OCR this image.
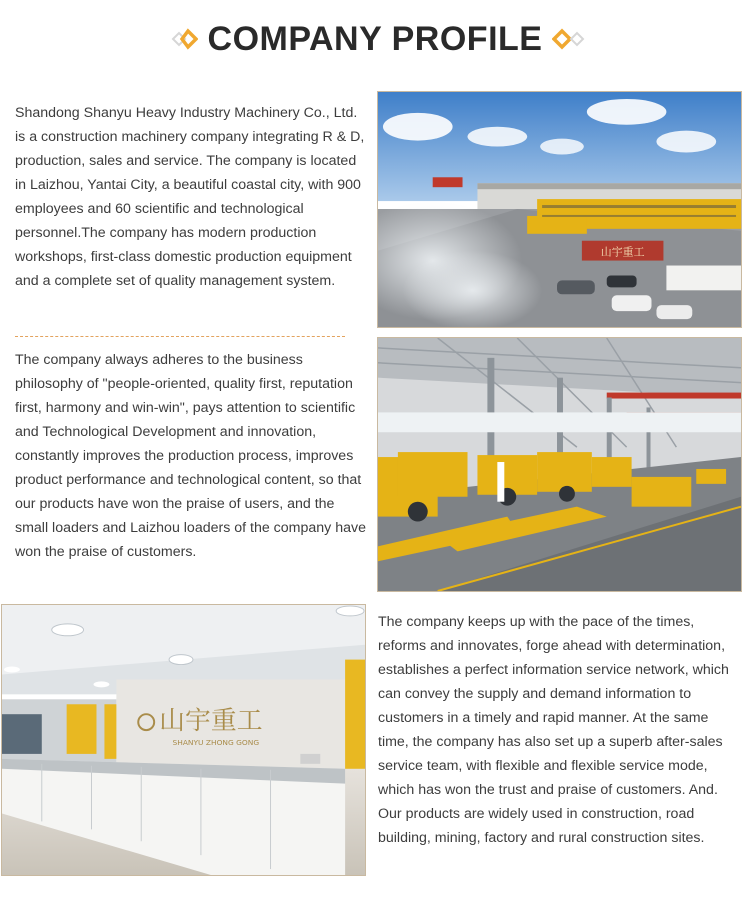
COMPANY PROFILE

Shandong Shanyu Heavy Industry Machinery Co., Ltd. is a construction machinery company integrating R & D, production, sales and service. The company is located in Laizhou, Yantai City, a beautiful coastal city, with 900 employees and 60 scientific and technological personnel.The company has modern production workshops, first-class domestic production equipment and a complete set of quality management system.

The company always adheres to the business philosophy of "people-oriented, quality first, reputation first, harmony and win-win", pays attention to scientific and Technological Development and innovation, constantly improves the production process, improves product performance and technological content, so that our products have won the praise of users, and the small loaders and Laizhou loaders of the company have won the praise of customers.

The company keeps up with the pace of the times, reforms and innovates, forge ahead with determination, establishes a perfect information service network, which can convey the supply and demand information to customers in a timely and rapid manner. At the same time, the company has also set up a superb after-sales service team, with flexible and flexible service mode, which has won the trust and praise of customers. And. Our products are widely used in construction, road building, mining, factory and rural construction sites.

山宇重工
山宇重工
SHANYU ZHONG GONG
